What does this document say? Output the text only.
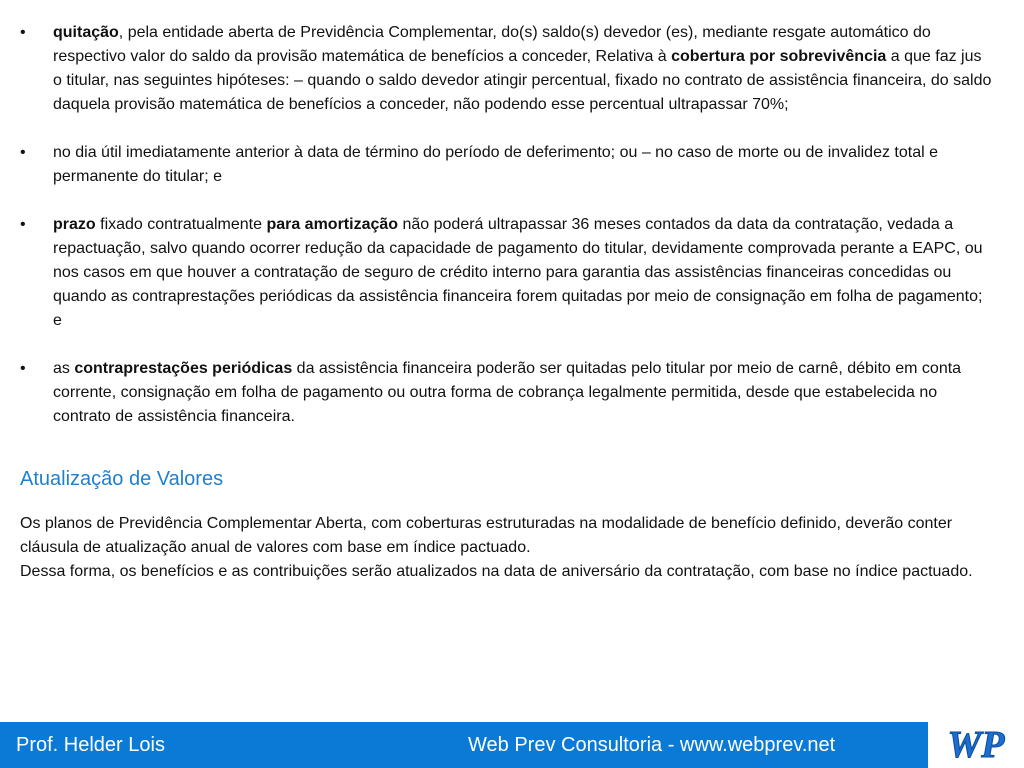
• quitação, pela entidade aberta de Previdência Complementar, do(s) saldo(s) devedor (es), mediante resgate automático do respectivo valor do saldo da provisão matemática de benefícios a conceder, Relativa à cobertura por sobrevivência a que faz jus o titular, nas seguintes hipóteses: – quando o saldo devedor atingir percentual, fixado no contrato de assistência financeira, do saldo daquela provisão matemática de benefícios a conceder, não podendo esse percentual ultrapassar 70%;
• no dia útil imediatamente anterior à data de término do período de deferimento; ou – no caso de morte ou de invalidez total e permanente do titular; e
• prazo fixado contratualmente para amortização não poderá ultrapassar 36 meses contados da data da contratação, vedada a repactuação, salvo quando ocorrer redução da capacidade de pagamento do titular, devidamente comprovada perante a EAPC, ou nos casos em que houver a contratação de seguro de crédito interno para garantia das assistências financeiras concedidas ou quando as contraprestações periódicas da assistência financeira forem quitadas por meio de consignação em folha de pagamento; e
• as contraprestações periódicas da assistência financeira poderão ser quitadas pelo titular por meio de carnê, débito em conta corrente, consignação em folha de pagamento ou outra forma de cobrança legalmente permitida, desde que estabelecida no contrato de assistência financeira.
Atualização de Valores

Os planos de Previdência Complementar Aberta, com coberturas estruturadas na modalidade de benefício definido, deverão conter cláusula de atualização anual de valores com base em índice pactuado.

Dessa forma, os benefícios e as contribuições serão atualizados na data de aniversário da contratação, com base no índice pactuado.

Prof. Helder Lois	Web Prev Consultoria - www.webprev.net	WP
